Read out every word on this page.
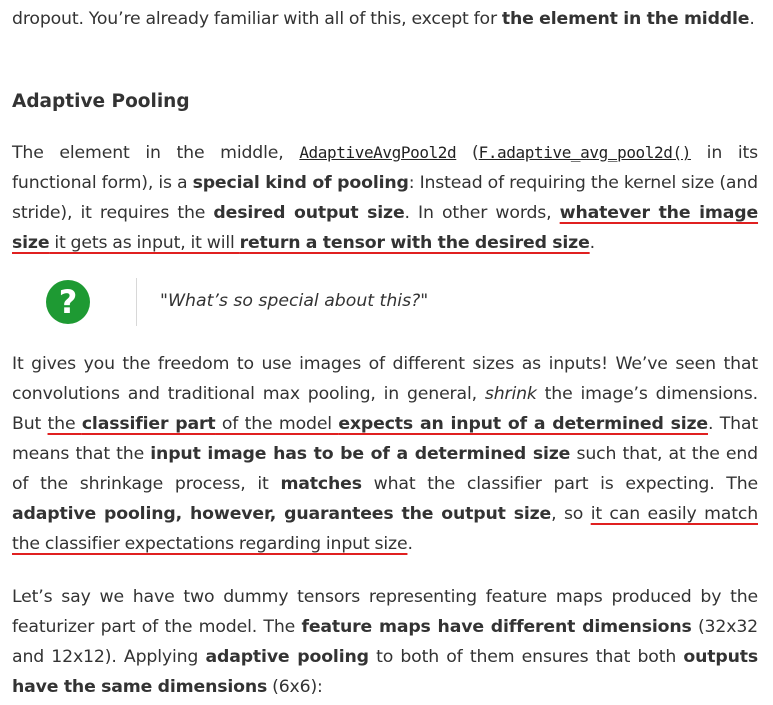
dropout. You’re already familiar with all of this, except for the element in the middle.

Adaptive Pooling

The element in the middle, AdaptiveAvgPool2d (F.adaptive_avg_pool2d() in its functional form), is a special kind of pooling: Instead of requiring the kernel size (and stride), it requires the desired output size. In other words, whatever the image size it gets as input, it will return a tensor with the desired size.

?	"What’s so special about this?"

It gives you the freedom to use images of different sizes as inputs! We’ve seen that convolutions and traditional max pooling, in general, shrink the image’s dimensions. But the classifier part of the model expects an input of a determined size. That means that the input image has to be of a determined size such that, at the end of the shrinkage process, it matches what the classifier part is expecting. The adaptive pooling, however, guarantees the output size, so it can easily match the classifier expectations regarding input size.

Let’s say we have two dummy tensors representing feature maps produced by the featurizer part of the model. The feature maps have different dimensions (32x32 and 12x12). Applying adaptive pooling to both of them ensures that both outputs have the same dimensions (6x6):
